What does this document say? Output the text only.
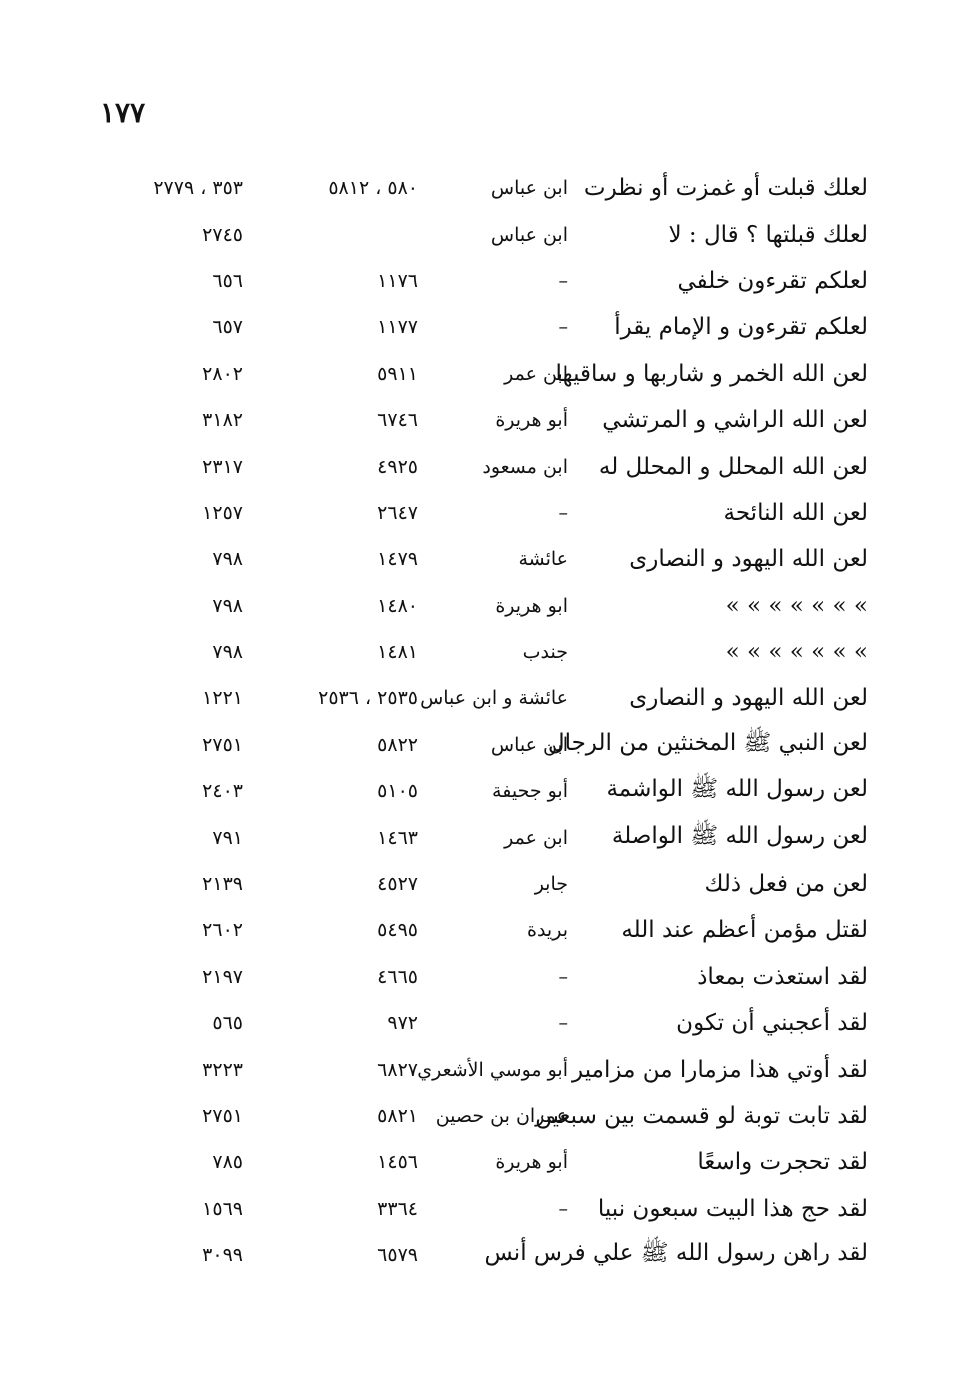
١٧٧
لعلك قبلت أو غمزت أو نظرت
ابن عباس
٥٨٠ ، ٥٨١٢
٣٥٣ ، ٢٧٧٩
لعلك قبلتها ؟ قال : لا
ابن عباس
٢٧٤٥
لعلكم تقرءون خلفي
–
١١٧٦
٦٥٦
لعلكم تقرءون و الإمام يقرأ
–
١١٧٧
٦٥٧
لعن الله الخمر و شاربها و ساقيها
ابن عمر
٥٩١١
٢٨٠٢
لعن الله الراشي و المرتشي
أبو هريرة
٦٧٤٦
٣١٨٢
لعن الله المحلل و المحلل له
ابن مسعود
٤٩٢٥
٢٣١٧
لعن الله النائحة
–
٢٦٤٧
١٢٥٧
لعن الله اليهود و النصارى
عائشة
١٤٧٩
٧٩٨
» » » » » » »
ابو هريرة
١٤٨٠
٧٩٨
» » » » » » »
جندب
١٤٨١
٧٩٨
لعن الله اليهود و النصارى
عائشة و ابن عباس
٢٥٣٥ ، ٢٥٣٦
١٢٢١
لعن النبي ﷺ المخنثين من الرجال
ابن عباس
٥٨٢٢
٢٧٥١
لعن رسول الله ﷺ الواشمة
أبو جحيفة
٥١٠٥
٢٤٠٣
لعن رسول الله ﷺ الواصلة
ابن عمر
١٤٦٣
٧٩١
لعن من فعل ذلك
جابر
٤٥٢٧
٢١٣٩
لقتل مؤمن أعظم عند الله
بريدة
٥٤٩٥
٢٦٠٢
لقد استعذت بمعاذ
–
٤٦٦٥
٢١٩٧
لقد أعجبني أن تكون
–
٩٧٢
٥٦٥
لقد أوتي هذا مزمارا من مزامير
أبو موسي الأشعري
٦٨٢٧
٣٢٢٣
لقد تابت توبة لو قسمت بين سبعين
عمران بن حصين
٥٨٢١
٢٧٥١
لقد تحجرت واسعًا
أبو هريرة
١٤٥٦
٧٨٥
لقد حج هذا البيت سبعون نبيا
–
٣٣٦٤
١٥٦٩
لقد راهن رسول الله ﷺ علي فرس أنس
٦٥٧٩
٣٠٩٩
